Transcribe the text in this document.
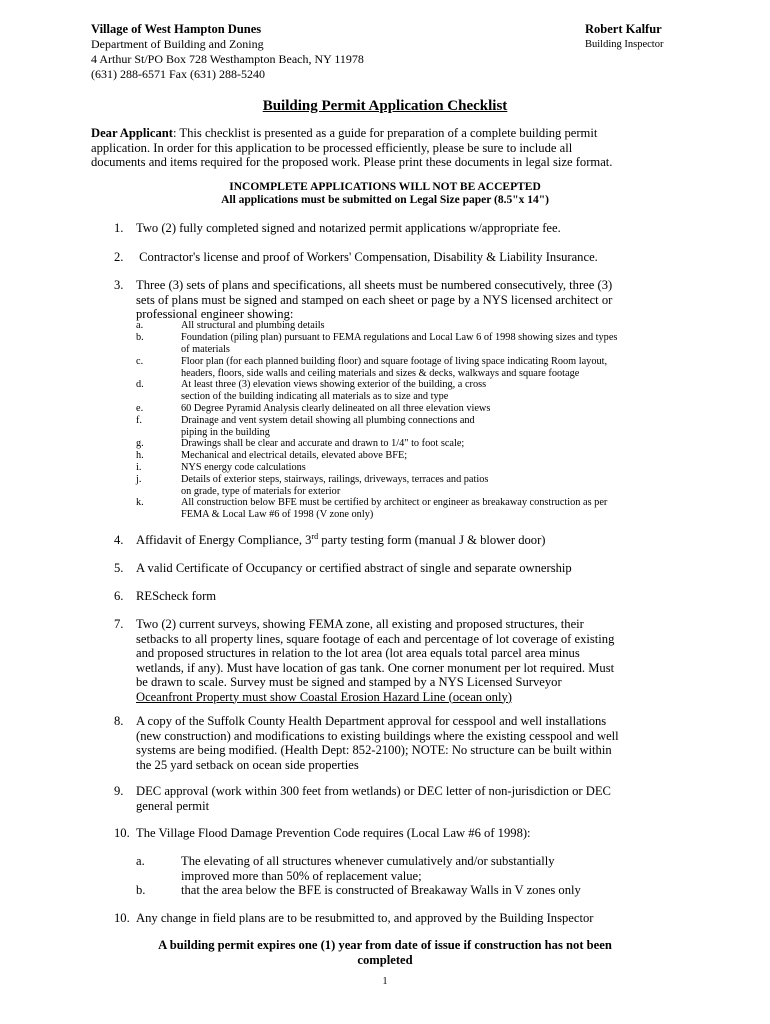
Village of West Hampton Dunes
Department of Building and Zoning
4 Arthur St/PO Box 728 Westhampton Beach, NY 11978
(631) 288-6571 Fax (631) 288-5240
Robert Kalfur
Building Inspector
Building Permit Application Checklist
Dear Applicant: This checklist is presented as a guide for preparation of a complete building permit
application. In order for this application to be processed efficiently, please be sure to include all
documents and items required for the proposed work. Please print these documents in legal size format.
INCOMPLETE APPLICATIONS WILL NOT BE ACCEPTED
All applications must be submitted on Legal Size paper (8.5"x 14")
1. Two (2) fully completed signed and notarized permit applications w/appropriate fee.
2. Contractor's license and proof of Workers' Compensation, Disability & Liability Insurance.
3. Three (3) sets of plans and specifications, all sheets must be numbered consecutively, three (3)
sets of plans must be signed and stamped on each sheet or page by a NYS licensed architect or
professional engineer showing:
a.	All structural and plumbing details
b.	Foundation (piling plan) pursuant to FEMA regulations and Local Law 6 of 1998 showing sizes and types
of materials
c.	Floor plan (for each planned building floor) and square footage of living space indicating Room layout,
headers, floors, side walls and ceiling materials and sizes & decks, walkways and square footage
d.	At least three (3) elevation views showing exterior of the building, a cross
section of the building indicating all materials as to size and type
e.	60 Degree Pyramid Analysis clearly delineated on all three elevation views
f.	Drainage and vent system detail showing all plumbing connections and
piping in the building
g.	Drawings shall be clear and accurate and drawn to 1/4" to foot scale;
h.	Mechanical and electrical details, elevated above BFE;
i.	NYS energy code calculations
j.	Details of exterior steps, stairways, railings, driveways, terraces and patios
on grade, type of materials for exterior
k.	All construction below BFE must be certified by architect or engineer as breakaway construction as per
FEMA & Local Law #6 of 1998 (V zone only)
4. Affidavit of Energy Compliance, 3rd party testing form (manual J & blower door)
5. A valid Certificate of Occupancy or certified abstract of single and separate ownership
6. REScheck form
7. Two (2) current surveys, showing FEMA zone, all existing and proposed structures, their
setbacks to all property lines, square footage of each and percentage of lot coverage of existing
and proposed structures in relation to the lot area (lot area equals total parcel area minus
wetlands, if any). Must have location of gas tank. One corner monument per lot required. Must
be drawn to scale. Survey must be signed and stamped by a NYS Licensed Surveyor
Oceanfront Property must show Coastal Erosion Hazard Line (ocean only)
8. A copy of the Suffolk County Health Department approval for cesspool and well installations
(new construction) and modifications to existing buildings where the existing cesspool and well
systems are being modified. (Health Dept: 852-2100); NOTE: No structure can be built within
the 25 yard setback on ocean side properties
9. DEC approval (work within 300 feet from wetlands) or DEC letter of non-jurisdiction or DEC
general permit
10. The Village Flood Damage Prevention Code requires (Local Law #6 of 1998):
a.	The elevating of all structures whenever cumulatively and/or substantially
improved more than 50% of replacement value;
b.	that the area below the BFE is constructed of Breakaway Walls in V zones only
10. Any change in field plans are to be resubmitted to, and approved by the Building Inspector
A building permit expires one (1) year from date of issue if construction has not been
completed
1
